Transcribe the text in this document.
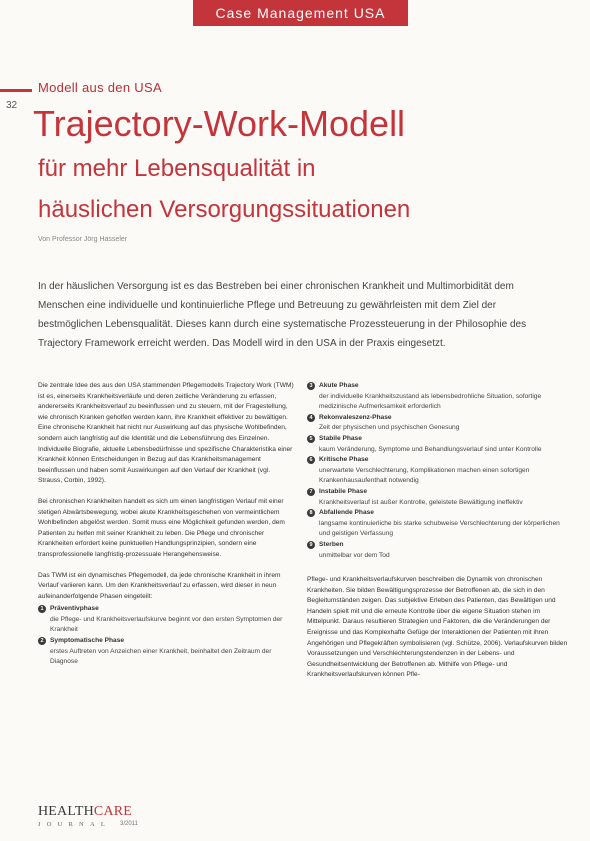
Case Management USA
Modell aus den USA
32 Trajectory-Work-Modell
für mehr Lebensqualität in
häuslichen Versorgungssituationen
Von Professor Jörg Hasseler

In der häuslichen Versorgung ist es das Bestreben bei einer chronischen Krankheit und Multimorbidität dem Menschen eine individuelle und kontinuierliche Pflege und Betreuung zu gewährleisten mit dem Ziel der bestmöglichen Lebensqualität. Dieses kann durch eine systematische Prozessteuerung in der Philosophie des Trajectory Framework erreicht werden. Das Modell wird in den USA in der Praxis eingesetzt.

Die zentrale Idee des aus den USA stammenden Pflegemodells Trajectory Work (TWM) ist es, einerseits Krankheitsverläufe und deren zeitliche Veränderung zu erfassen, andererseits Krankheitsverlauf zu beeinflussen und zu steuern, mit der Fragestellung, wie chronisch Kranken geholfen werden kann, ihre Krankheit effektiver zu bewältigen. Eine chronische Krankheit hat nicht nur Auswirkung auf das physische Wohlbefinden, sondern auch langfristig auf die Identität und die Lebensführung des Einzelnen. Individuelle Biografie, aktuelle Lebensbedürfnisse und spezifische Charakteristika einer Krankheit können Entscheidungen in Bezug auf das Krankheitsmanagement beeinflussen und haben somit Auswirkungen auf den Verlauf der Krankheit (vgl. Strauss, Corbin, 1992).

Bei chronischen Krankheiten handelt es sich um einen langfristigen Verlauf mit einer stetigen Abwärtsbewegung, wobei akute Krankheitsgeschehen von vermeintlichem Wohlbefinden abgelöst werden. Somit muss eine Möglichkeit gefunden werden, dem Patienten zu helfen mit seiner Krankheit zu leben. Die Pflege und chronischer Krankheiten erfordert keine punktuellen Handlungsprinzipien, sondern eine transprofessionelle langfristig-prozessuale Herangehensweise.

Das TWM ist ein dynamisches Pflegemodell, da jede chronische Krankheit in ihrem Verlauf variieren kann. Um den Krankheitsverlauf zu erfassen, wird dieser in neun aufeinanderfolgende Phasen eingeteilt:

1 Präventivphase
die Pflege- und Krankheitsverlaufskurve beginnt vor den ersten Symptomen der Krankheit
2 Symptomatische Phase
erstes Auftreten von Anzeichen einer Krankheit, beinhaltet den Zeitraum der Diagnose
3 Akute Phase
der individuelle Krankheitszustand als lebensbedrohliche Situation, sofortige medizinische Aufmerksamkeit erforderlich
4 Rekonvaleszenz-Phase
Zeit der physischen und psychischen Genesung
5 Stabile Phase
kaum Veränderung, Symptome und Behandlungsverlauf sind unter Kontrolle
6 Kritische Phase
unerwartete Verschlechterung, Komplikationen machen einen sofortigen Krankenhausaufenthalt notwendig
7 Instabile Phase
Krankheitsverlauf ist außer Kontrolle, geleistete Bewältigung ineffektiv
8 Abfallende Phase
langsame kontinuierliche bis starke schubweise Verschlechterung der körperlichen und geistigen Verfassung
9 Sterben
unmittelbar vor dem Tod

Pflege- und Krankheitsverlaufskurven beschreiben die Dynamik von chronischen Krankheiten. Sie bilden Bewältigungsprozesse der Betroffenen ab, die sich in den Begleitumständen zeigen. Das subjektive Erleben des Patienten, das Bewältigen und Handeln spielt mit und die erneute Kontrolle über die eigene Situation stehen im Mittelpunkt. Daraus resultieren Strategien und Faktoren, die die Veränderungen der Ereignisse und das Komplexhafte Gefüge der Interaktionen der Patienten mit ihren Angehörigen und Pflegekräften symbolisieren (vgl. Schütze, 2006). Verlaufskurven bilden Voraussetzungen und Verschlechterungstendenzen in der Lebens- und Gesundheitsentwicklung der Betroffenen ab. Mithilfe von Pflege- und Krankheitsverlaufskurven können Pfle-

HEALTHCARE
JOURNAL	3/2011
